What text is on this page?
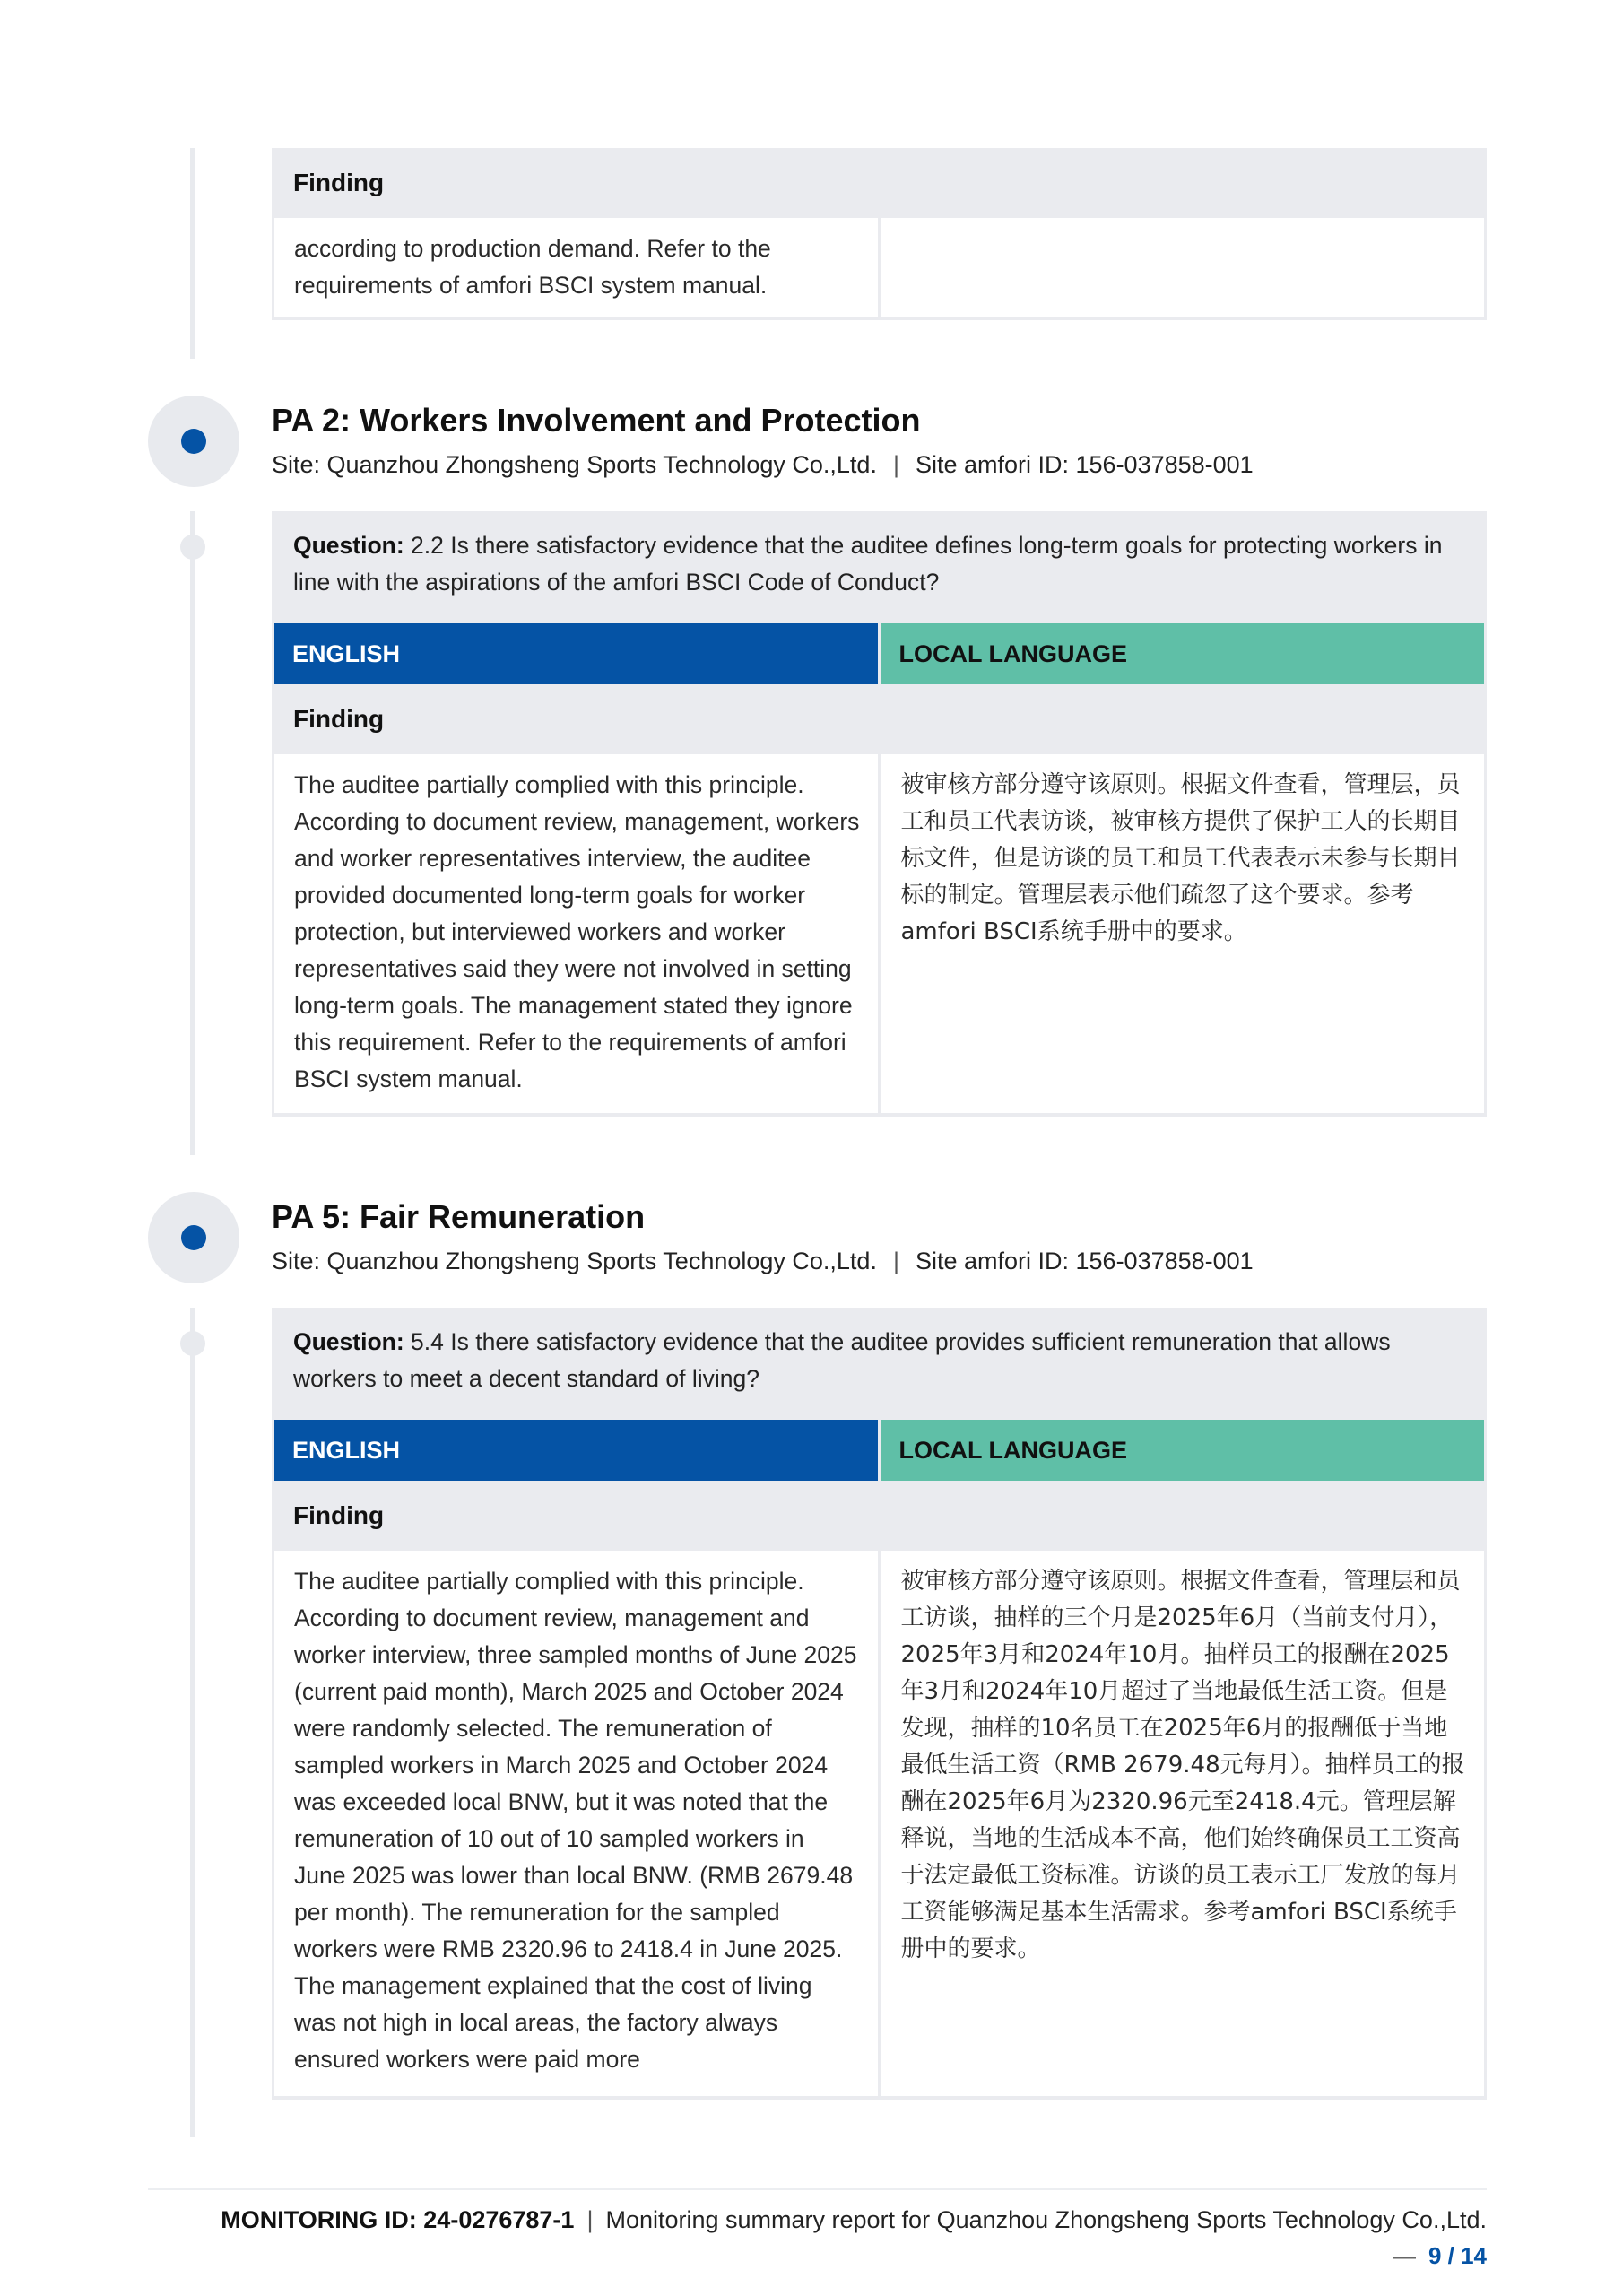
Finding
according to production demand. Refer to the requirements of amfori BSCI system manual.
PA 2: Workers Involvement and Protection
Site: Quanzhou Zhongsheng Sports Technology Co.,Ltd. | Site amfori ID: 156-037858-001
Question: 2.2 Is there satisfactory evidence that the auditee defines long-term goals for protecting workers in line with the aspirations of the amfori BSCI Code of Conduct?
ENGLISH	LOCAL LANGUAGE
Finding
The auditee partially complied with this principle. According to document review, management, workers and worker representatives interview, the auditee provided documented long-term goals for worker protection, but interviewed workers and worker representatives said they were not involved in setting long-term goals. The management stated they ignore this requirement. Refer to the requirements of amfori BSCI system manual.
被审核方部分遵守该原则。根据文件查看，管理层，员工和员工代表访谈，被审核方提供了保护工人的长期目标文件，但是访谈的员工和员工代表表示未参与长期目标的制定。管理层表示他们疏忽了这个要求。参考amfori BSCI系统手册中的要求。
PA 5: Fair Remuneration
Site: Quanzhou Zhongsheng Sports Technology Co.,Ltd. | Site amfori ID: 156-037858-001
Question: 5.4 Is there satisfactory evidence that the auditee provides sufficient remuneration that allows workers to meet a decent standard of living?
ENGLISH	LOCAL LANGUAGE
Finding
The auditee partially complied with this principle. According to document review, management and worker interview, three sampled months of June 2025 (current paid month), March 2025 and October 2024 were randomly selected. The remuneration of sampled workers in March 2025 and October 2024 was exceeded local BNW, but it was noted that the remuneration of 10 out of 10 sampled workers in June 2025 was lower than local BNW. (RMB 2679.48 per month). The remuneration for the sampled workers were RMB 2320.96 to 2418.4 in June 2025. The management explained that the cost of living was not high in local areas, the factory always ensured workers were paid more
被审核方部分遵守该原则。根据文件查看，管理层和员工访谈，抽样的三个月是2025年6月（当前支付月），2025年3月和2024年10月。抽样员工的报酬在2025年3月和2024年10月超过了当地最低生活工资。但是发现，抽样的10名员工在2025年6月的报酬低于当地最低生活工资（RMB 2679.48元每月）。抽样员工的报酬在2025年6月为2320.96元至2418.4元。管理层解释说，当地的生活成本不高，他们始终确保员工工资高于法定最低工资标准。访谈的员工表示工厂发放的每月工资能够满足基本生活需求。参考amfori BSCI系统手册中的要求。
MONITORING ID: 24-0276787-1 | Monitoring summary report for Quanzhou Zhongsheng Sports Technology Co.,Ltd.
— 9 / 14
